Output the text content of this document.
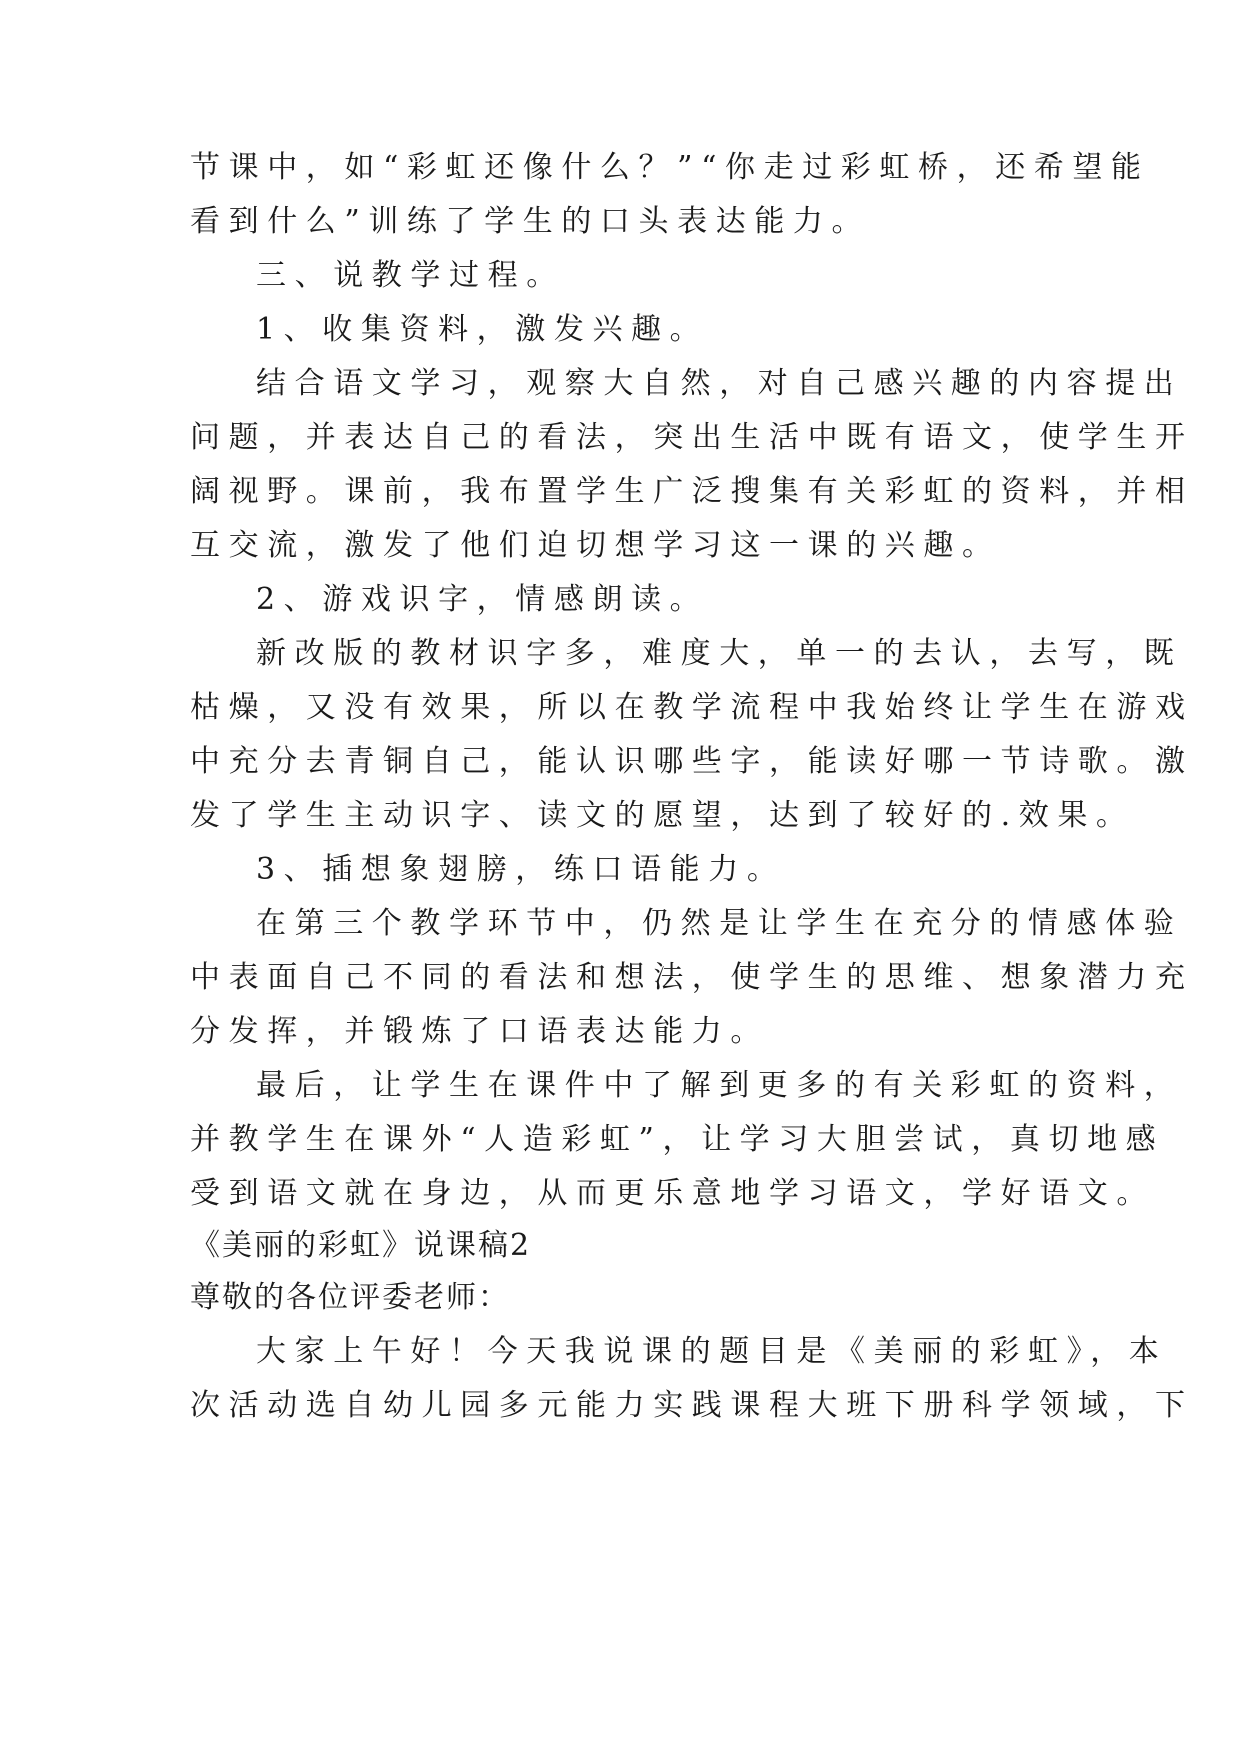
节课中，如“彩虹还像什么？”“你走过彩虹桥，还希望能
看到什么”训练了学生的口头表达能力。
三、说教学过程。
1、收集资料，激发兴趣。
结合语文学习，观察大自然，对自己感兴趣的内容提出
问题，并表达自己的看法，突出生活中既有语文，使学生开
阔视野。课前，我布置学生广泛搜集有关彩虹的资料，并相
互交流，激发了他们迫切想学习这一课的兴趣。
2、游戏识字，情感朗读。
新改版的教材识字多，难度大，单一的去认，去写，既
枯燥，又没有效果，所以在教学流程中我始终让学生在游戏
中充分去青铜自己，能认识哪些字，能读好哪一节诗歌。激
发了学生主动识字、读文的愿望，达到了较好的.效果。
3、插想象翅膀，练口语能力。
在第三个教学环节中，仍然是让学生在充分的情感体验
中表面自己不同的看法和想法，使学生的思维、想象潜力充
分发挥，并锻炼了口语表达能力。
最后，让学生在课件中了解到更多的有关彩虹的资料，
并教学生在课外“人造彩虹”，让学习大胆尝试，真切地感
受到语文就在身边，从而更乐意地学习语文，学好语文。
《美丽的彩虹》说课稿2
尊敬的各位评委老师：
大家上午好！今天我说课的题目是《美丽的彩虹》，本
次活动选自幼儿园多元能力实践课程大班下册科学领域，下
